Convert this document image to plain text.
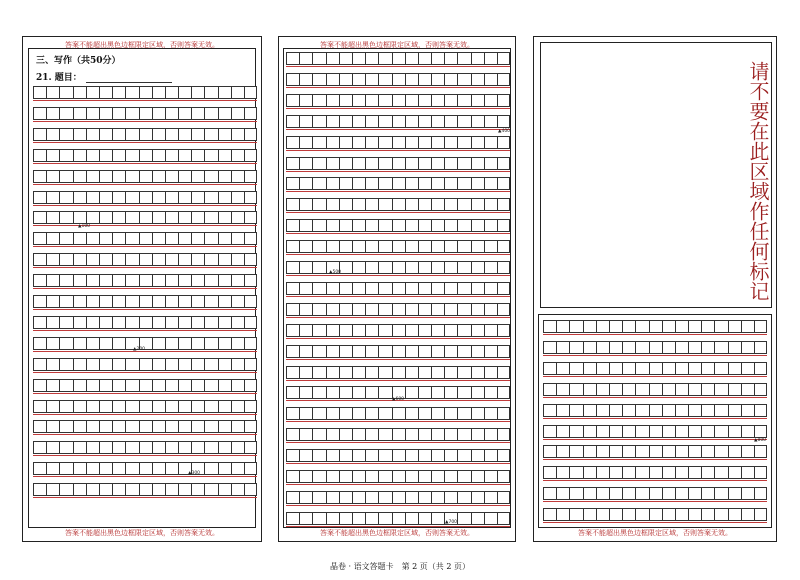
答案不能超出黑色边框限定区域，否则答案无效。
答案不能超出黑色边框限定区域，否则答案无效。
三、写作（共50分）
21. 题目：
答案不能超出黑色边框限定区域，否则答案无效。
答案不能超出黑色边框限定区域，否则答案无效。	答案不能超出黑色边框限定区域，否则答案无效。
请不要在此区域作任何标记
▲100
▲200
▲300
▲400
▲500
▲600
▲700
▲800
晶卷 · 语文答题卡　第 2 页（共 2 页）
